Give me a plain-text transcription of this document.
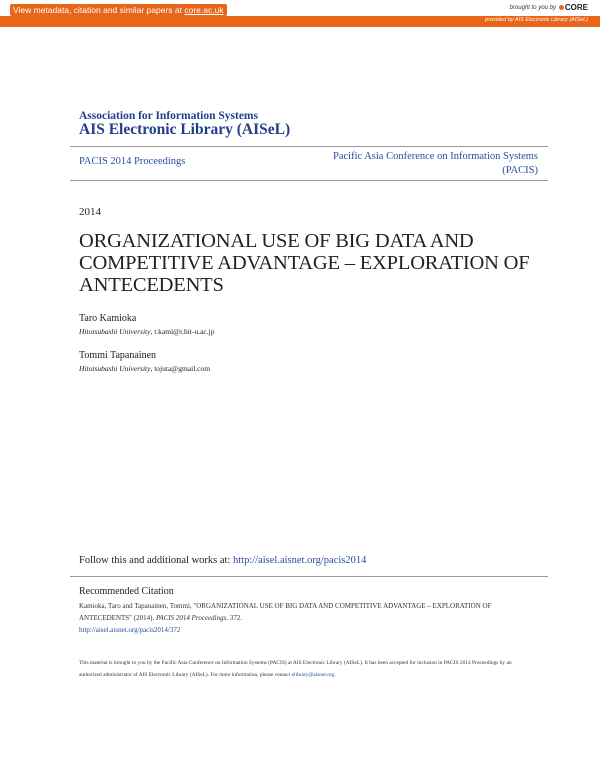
View metadata, citation and similar papers at core.ac.uk	brought to you by	CORE
provided by AIS Electronic Library (AISeL)
Association for Information Systems
AIS Electronic Library (AISeL)
PACIS 2014 Proceedings	Pacific Asia Conference on Information Systems (PACIS)
2014
ORGANIZATIONAL USE OF BIG DATA AND COMPETITIVE ADVANTAGE – EXPLORATION OF ANTECEDENTS
Taro Kamioka
Hitotsubashi University, t.kami@r.hit-u.ac.jp
Tommi Tapanainen
Hitotsubashi University, tojuta@gmail.com
Follow this and additional works at: http://aisel.aisnet.org/pacis2014
Recommended Citation
Kamioka, Taro and Tapanainen, Tommi, "ORGANIZATIONAL USE OF BIG DATA AND COMPETITIVE ADVANTAGE – EXPLORATION OF ANTECEDENTS" (2014). PACIS 2014 Proceedings. 372.
http://aisel.aisnet.org/pacis2014/372
This material is brought to you by the Pacific Asia Conference on Information Systems (PACIS) at AIS Electronic Library (AISeL). It has been accepted for inclusion in PACIS 2014 Proceedings by an authorized administrator of AIS Electronic Library (AISeL). For more information, please contact elibrary@aisnet.org.
